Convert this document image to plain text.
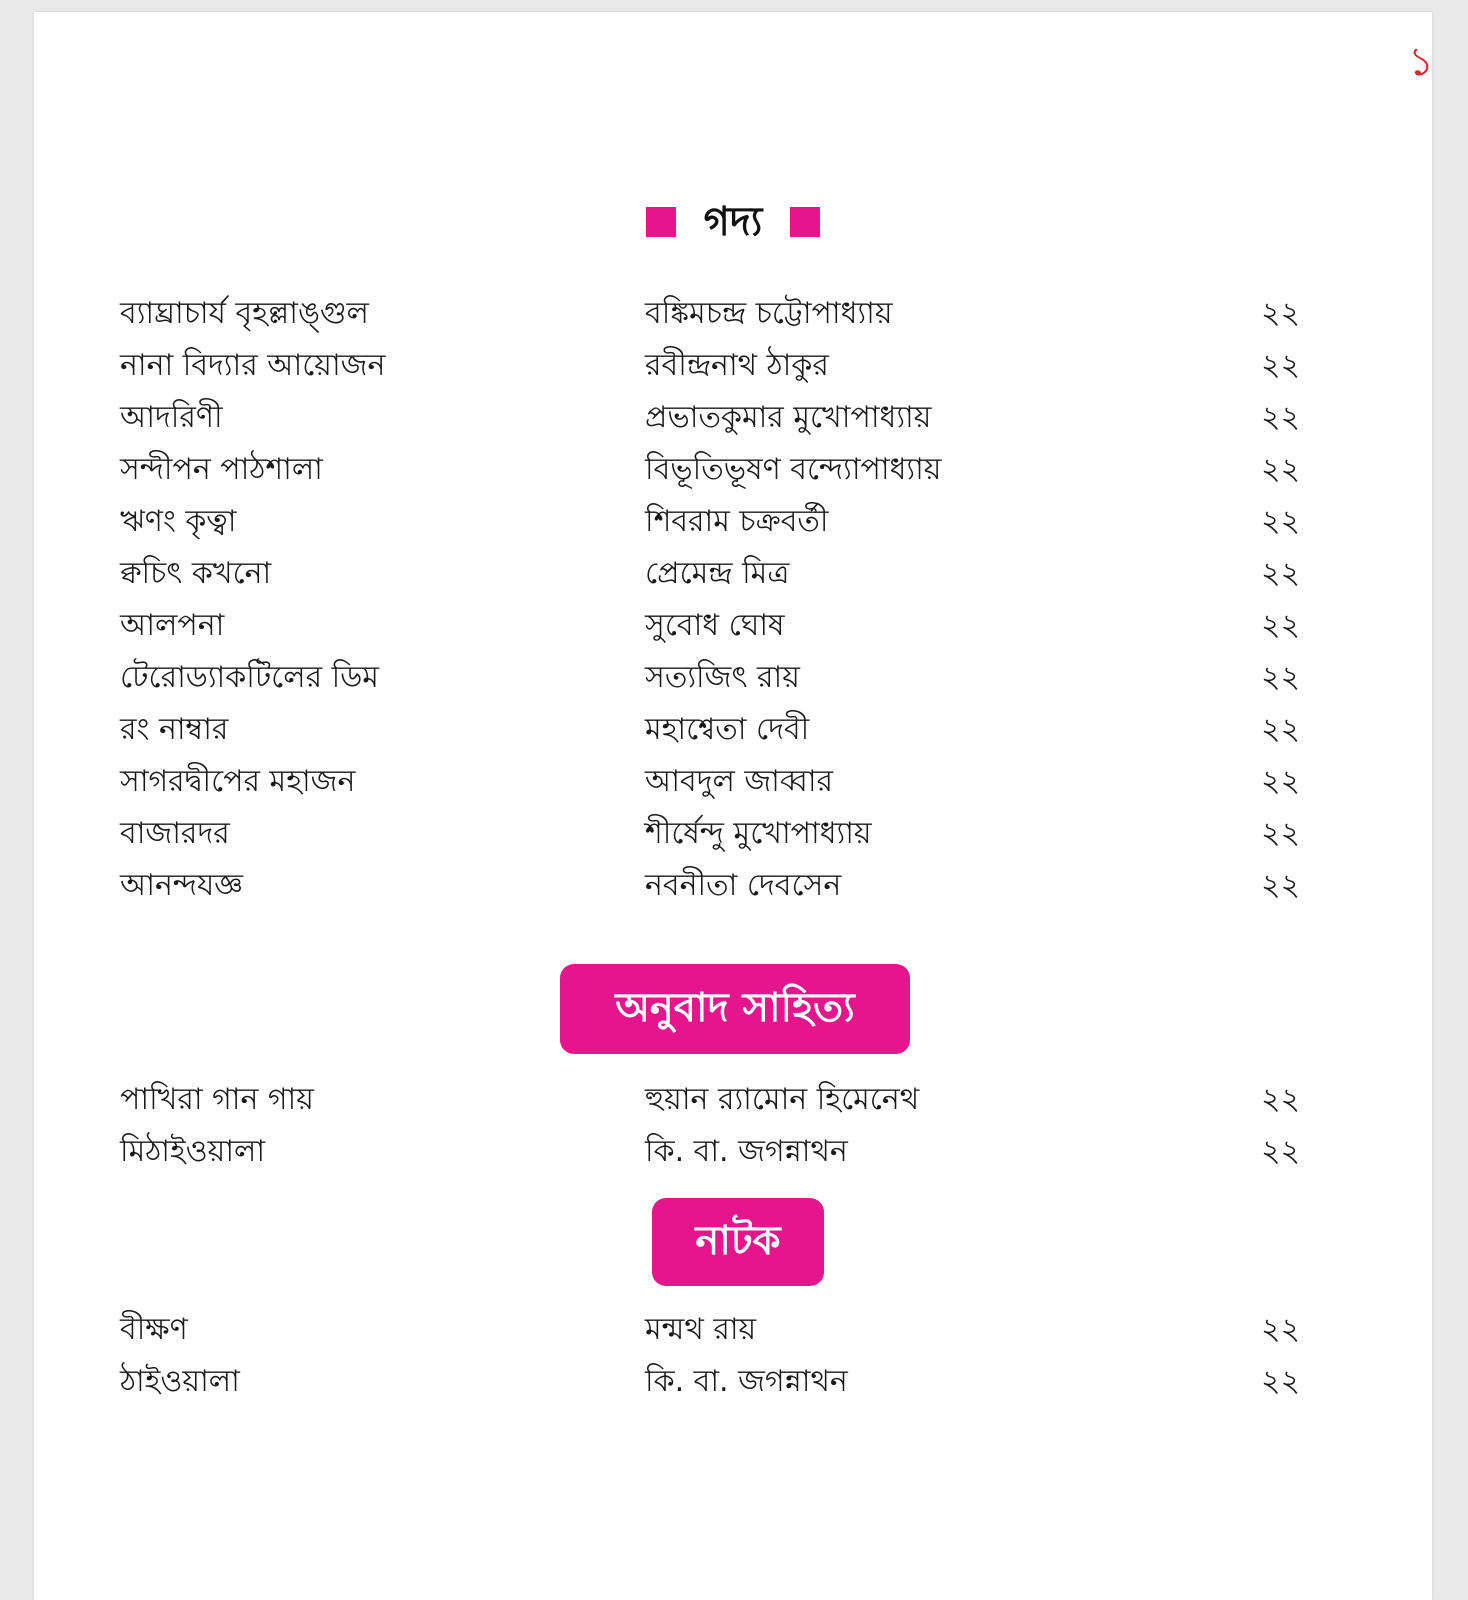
১
গদ্য
ব্যাঘ্রাচার্য বৃহল্লাঙ্গুল	বঙ্কিমচন্দ্র চট্টোপাধ্যায়	২২
নানা বিদ্যার আয়োজন	রবীন্দ্রনাথ ঠাকুর	২২
আদরিণী	প্রভাতকুমার মুখোপাধ্যায়	২২
সন্দীপন পাঠশালা	বিভূতিভূষণ বন্দ্যোপাধ্যায়	২২
ঋণং কৃত্বা	শিবরাম চক্রবর্তী	২২
ক্বচিৎ কখনো	প্রেমেন্দ্র মিত্র	২২
আলপনা	সুবোধ ঘোষ	২২
টেরোড্যাকটিলের ডিম	সত্যজিৎ রায়	২২
রং নাম্বার	মহাশ্বেতা দেবী	২২
সাগরদ্বীপের মহাজন	আবদুল জাব্বার	২২
বাজারদর	শীর্ষেন্দু মুখোপাধ্যায়	২২
আনন্দযজ্ঞ	নবনীতা দেবসেন	২২
অনুবাদ সাহিত্য
পাখিরা গান গায়	হুয়ান র‍্যামোন হিমেনেথ	২২
মিঠাইওয়ালা	কি. বা. জগন্নাথন	২২
নাটক
বীক্ষণ	মন্মথ রায়	২২
ঠাইওয়ালা	কি. বা. জগন্নাথন	২২
